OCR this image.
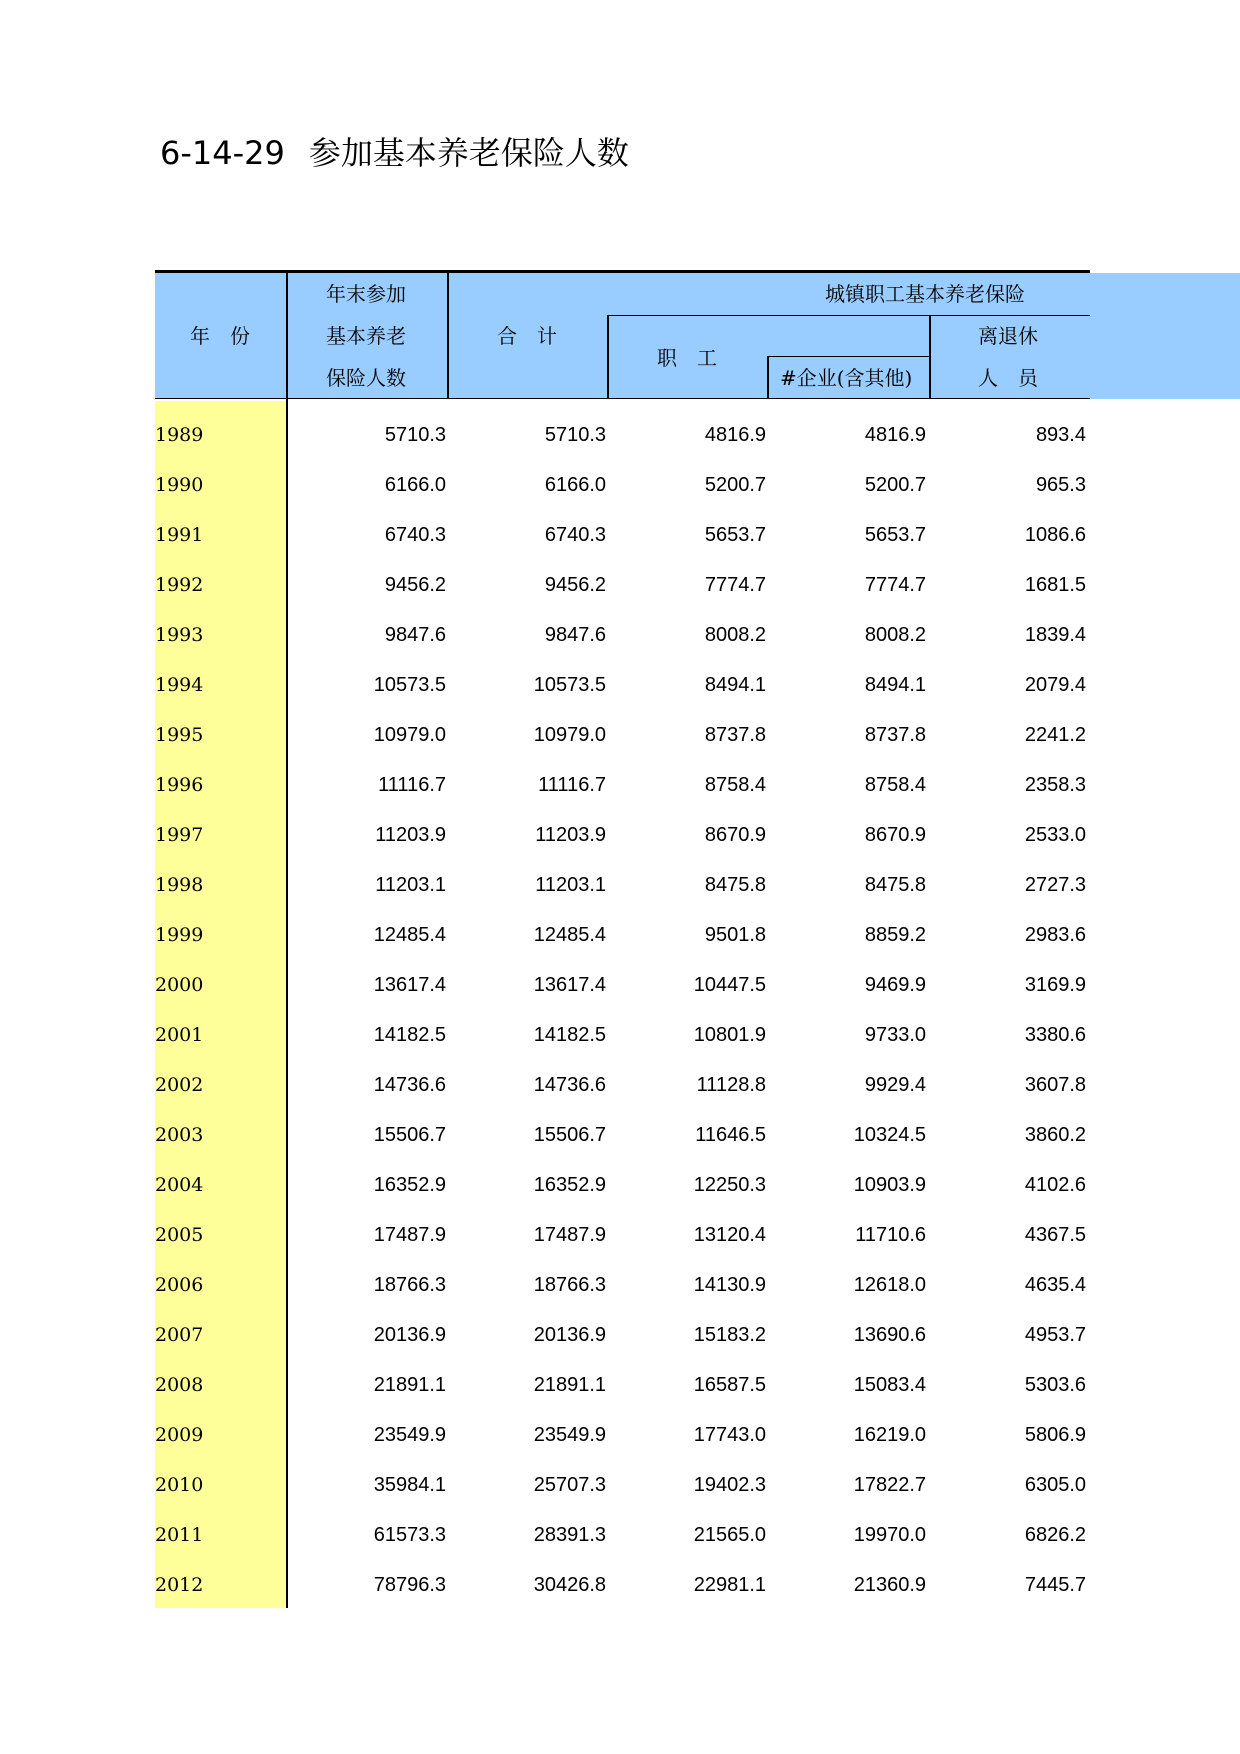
6-14-29 参加基本养老保险人数
年　份
年末参加
基本养老
保险人数
城镇职工基本养老保险
合　计
职　工
#企业(含其他)
离退休
人　员
1989	5710.3	5710.3	4816.9	4816.9	893.4
1990	6166.0	6166.0	5200.7	5200.7	965.3
1991	6740.3	6740.3	5653.7	5653.7	1086.6
1992	9456.2	9456.2	7774.7	7774.7	1681.5
1993	9847.6	9847.6	8008.2	8008.2	1839.4
1994	10573.5	10573.5	8494.1	8494.1	2079.4
1995	10979.0	10979.0	8737.8	8737.8	2241.2
1996	11116.7	11116.7	8758.4	8758.4	2358.3
1997	11203.9	11203.9	8670.9	8670.9	2533.0
1998	11203.1	11203.1	8475.8	8475.8	2727.3
1999	12485.4	12485.4	9501.8	8859.2	2983.6
2000	13617.4	13617.4	10447.5	9469.9	3169.9
2001	14182.5	14182.5	10801.9	9733.0	3380.6
2002	14736.6	14736.6	11128.8	9929.4	3607.8
2003	15506.7	15506.7	11646.5	10324.5	3860.2
2004	16352.9	16352.9	12250.3	10903.9	4102.6
2005	17487.9	17487.9	13120.4	11710.6	4367.5
2006	18766.3	18766.3	14130.9	12618.0	4635.4
2007	20136.9	20136.9	15183.2	13690.6	4953.7
2008	21891.1	21891.1	16587.5	15083.4	5303.6
2009	23549.9	23549.9	17743.0	16219.0	5806.9
2010	35984.1	25707.3	19402.3	17822.7	6305.0
2011	61573.3	28391.3	21565.0	19970.0	6826.2
2012	78796.3	30426.8	22981.1	21360.9	7445.7
